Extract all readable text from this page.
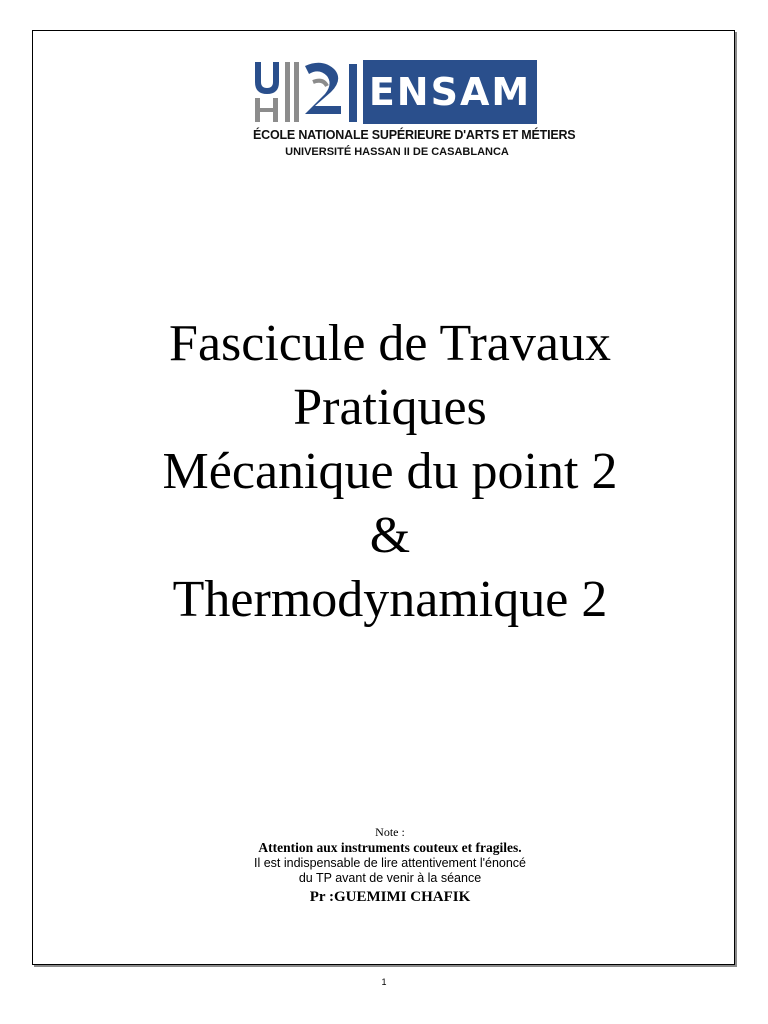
ENSAM
ÉCOLE NATIONALE SUPÉRIEURE D'ARTS ET MÉTIERS
UNIVERSITÉ HASSAN II DE CASABLANCA
Fascicule de Travaux
Pratiques
Mécanique du point 2
&
Thermodynamique 2
Note :
Attention aux instruments couteux et fragiles.
Il est indispensable de lire attentivement l'énoncé
du TP avant de venir à la séance
Pr :GUEMIMI CHAFIK
1
